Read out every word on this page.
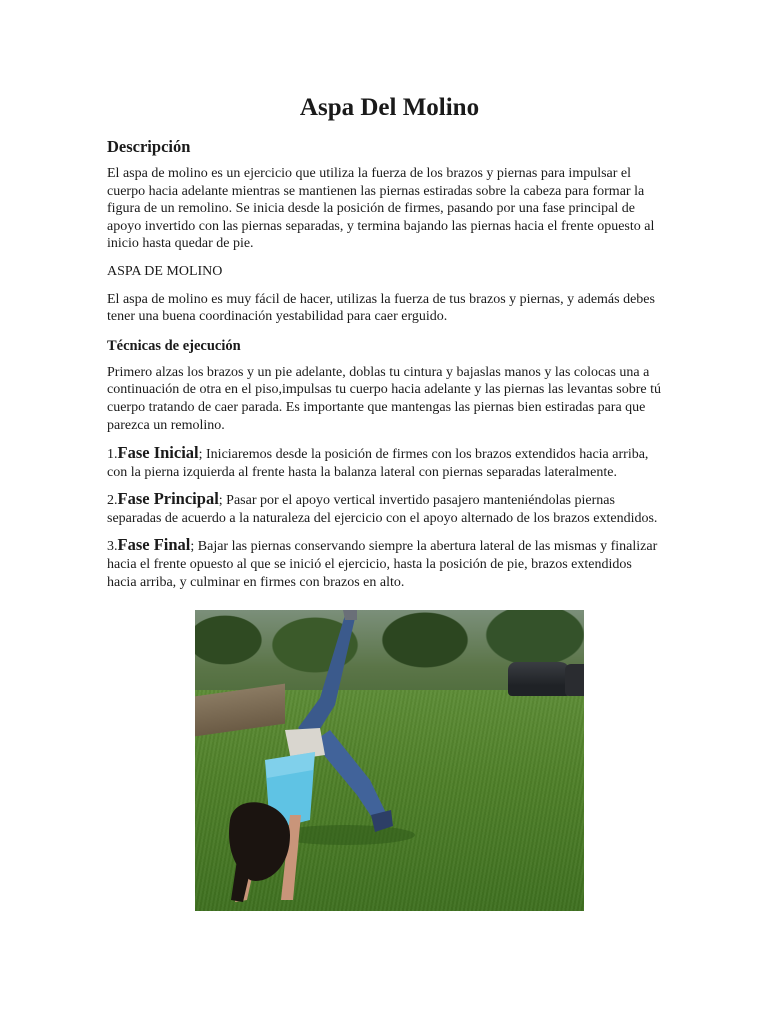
Aspa Del Molino
Descripción

El aspa de molino es un ejercicio que utiliza la fuerza de los brazos y piernas para impulsar el cuerpo hacia adelante mientras se mantienen las piernas estiradas sobre la cabeza para formar la figura de un remolino. Se inicia desde la posición de firmes, pasando por una fase principal de apoyo invertido con las piernas separadas, y termina bajando las piernas hacia el frente opuesto al inicio hasta quedar de pie.

ASPA DE MOLINO

El aspa de molino es muy fácil de hacer, utilizas la fuerza de tus brazos y piernas, y además debes tener una buena coordinación yestabilidad para caer erguido.

Técnicas de ejecución

Primero alzas los brazos y un pie adelante, doblas tu cintura y bajaslas manos y las colocas una a continuación de otra en el piso,impulsas tu cuerpo hacia adelante y las piernas las levantas sobre tú cuerpo tratando de caer parada. Es importante que mantengas las piernas bien estiradas para que parezca un remolino.

1.Fase Inicial; Iniciaremos desde la posición de firmes con los brazos extendidos hacia arriba, con la pierna izquierda al frente hasta la balanza lateral con piernas separadas lateralmente.

2.Fase Principal; Pasar por el apoyo vertical invertido pasajero manteniéndolas piernas separadas de acuerdo a la naturaleza del ejercicio con el apoyo alternado de los brazos extendidos.

3.Fase Final; Bajar las piernas conservando siempre la abertura lateral de las mismas y finalizar hacia el frente opuesto al que se inició el ejercicio, hasta la posición de pie, brazos extendidos hacia arriba, y culminar en firmes con brazos en alto.
